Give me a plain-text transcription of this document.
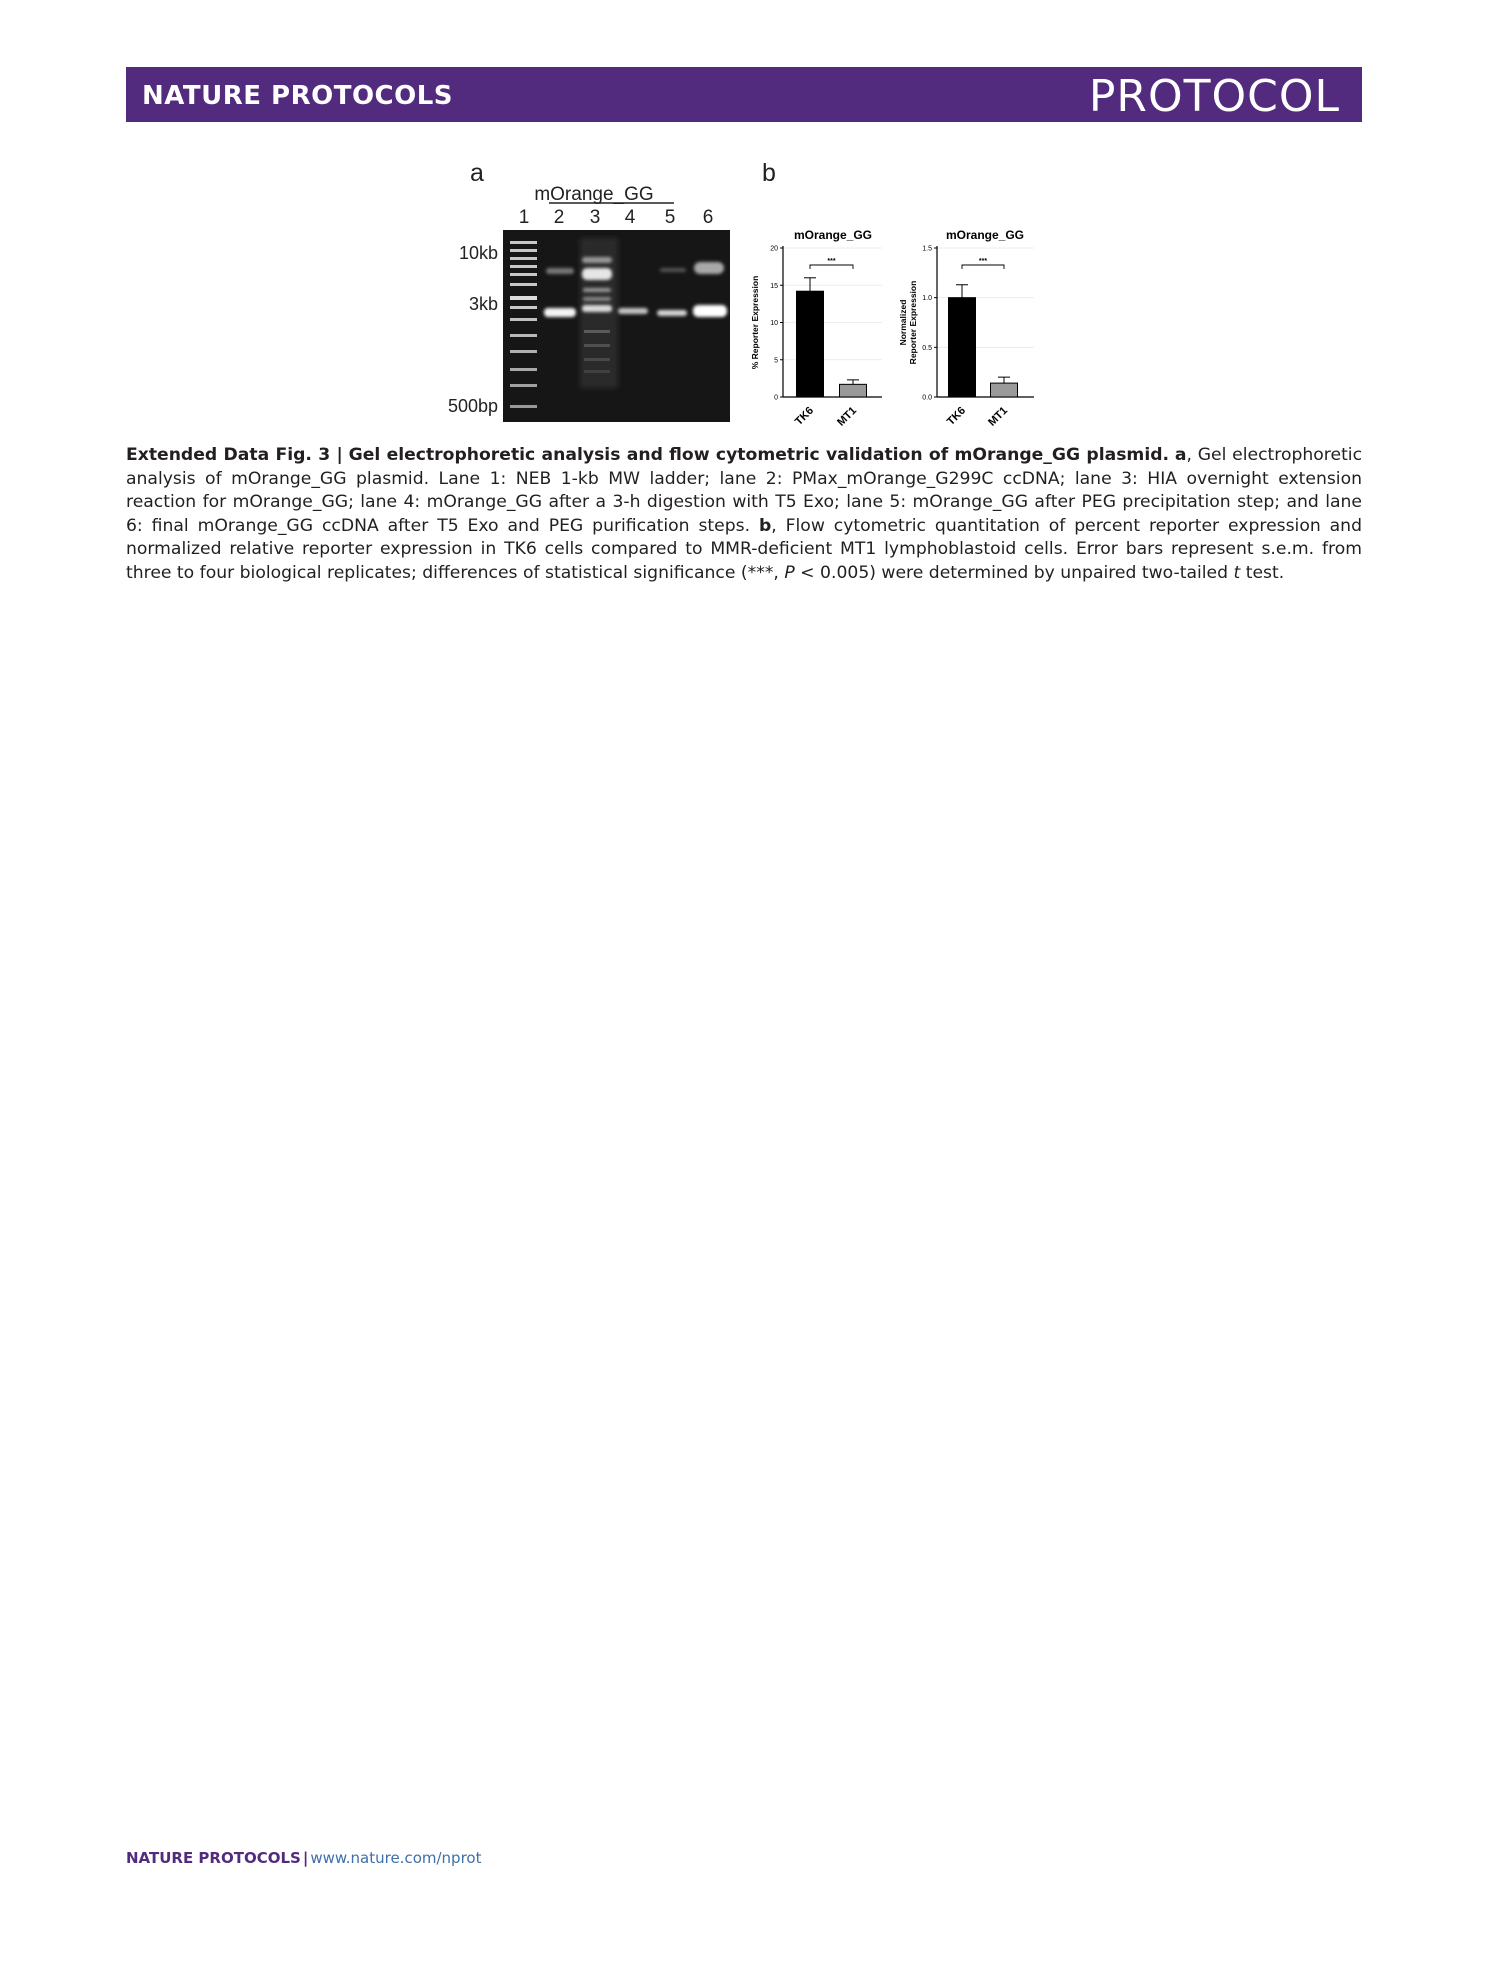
NATURE PROTOCOLS	PROTOCOL
a
mOrange_GG
1 2 3 4 5 6
10kb
3kb
500bp
b
mOrange_GG
0
5
10
15
20
% Reporter Expression
TK6 MT1
***
mOrange_GG
0.0
0.5
1.0
1.5
Normalized Reporter Expression
TK6 MT1
***
Extended Data Fig. 3 | Gel electrophoretic analysis and flow cytometric validation of mOrange_GG plasmid. a, Gel electrophoretic analysis of mOrange_GG plasmid. Lane 1: NEB 1-kb MW ladder; lane 2: PMax_mOrange_G299C ccDNA; lane 3: HIA overnight extension reaction for mOrange_GG; lane 4: mOrange_GG after a 3-h digestion with T5 Exo; lane 5: mOrange_GG after PEG precipitation step; and lane 6: final mOrange_GG ccDNA after T5 Exo and PEG purification steps. b, Flow cytometric quantitation of percent reporter expression and normalized relative reporter expression in TK6 cells compared to MMR-deficient MT1 lymphoblastoid cells. Error bars represent s.e.m. from three to four biological replicates; differences of statistical significance (***, P < 0.005) were determined by unpaired two-tailed t test.
NATURE PROTOCOLS | www.nature.com/nprot
